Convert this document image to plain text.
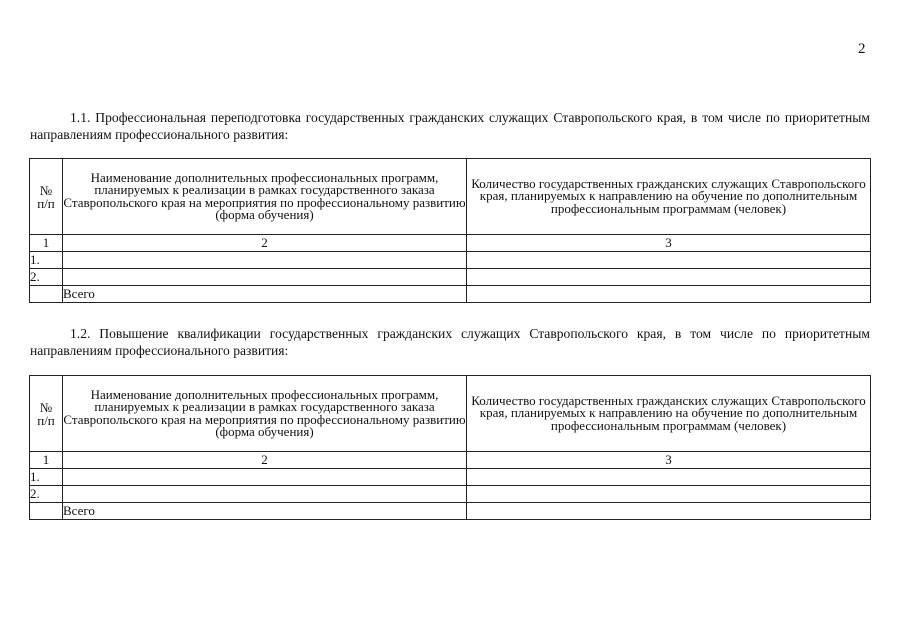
2

1.1. Профессиональная переподготовка государственных гражданских служащих Ставропольского края, в том числе по приоритетным направлениям профессионального развития:

№
п/п	Наименование дополнительных профессиональных программ, планируемых к реализации в рамках государственного заказа Ставропольского края на мероприятия по профессиональному развитию (форма обучения)	Количество государственных гражданских служащих Ставропольского края, планируемых к направлению на обучение по дополнительным профессиональным программам (человек)
1	2	3
1.		
2.		
	Всего	

1.2. Повышение квалификации государственных гражданских служащих Ставропольского края, в том числе по приоритетным направлениям профессионального развития:

№
п/п	Наименование дополнительных профессиональных программ, планируемых к реализации в рамках государственного заказа Ставропольского края на мероприятия по профессиональному развитию (форма обучения)	Количество государственных гражданских служащих Ставропольского края, планируемых к направлению на обучение по дополнительным профессиональным программам (человек)
1	2	3
1.		
2.		
	Всего	
